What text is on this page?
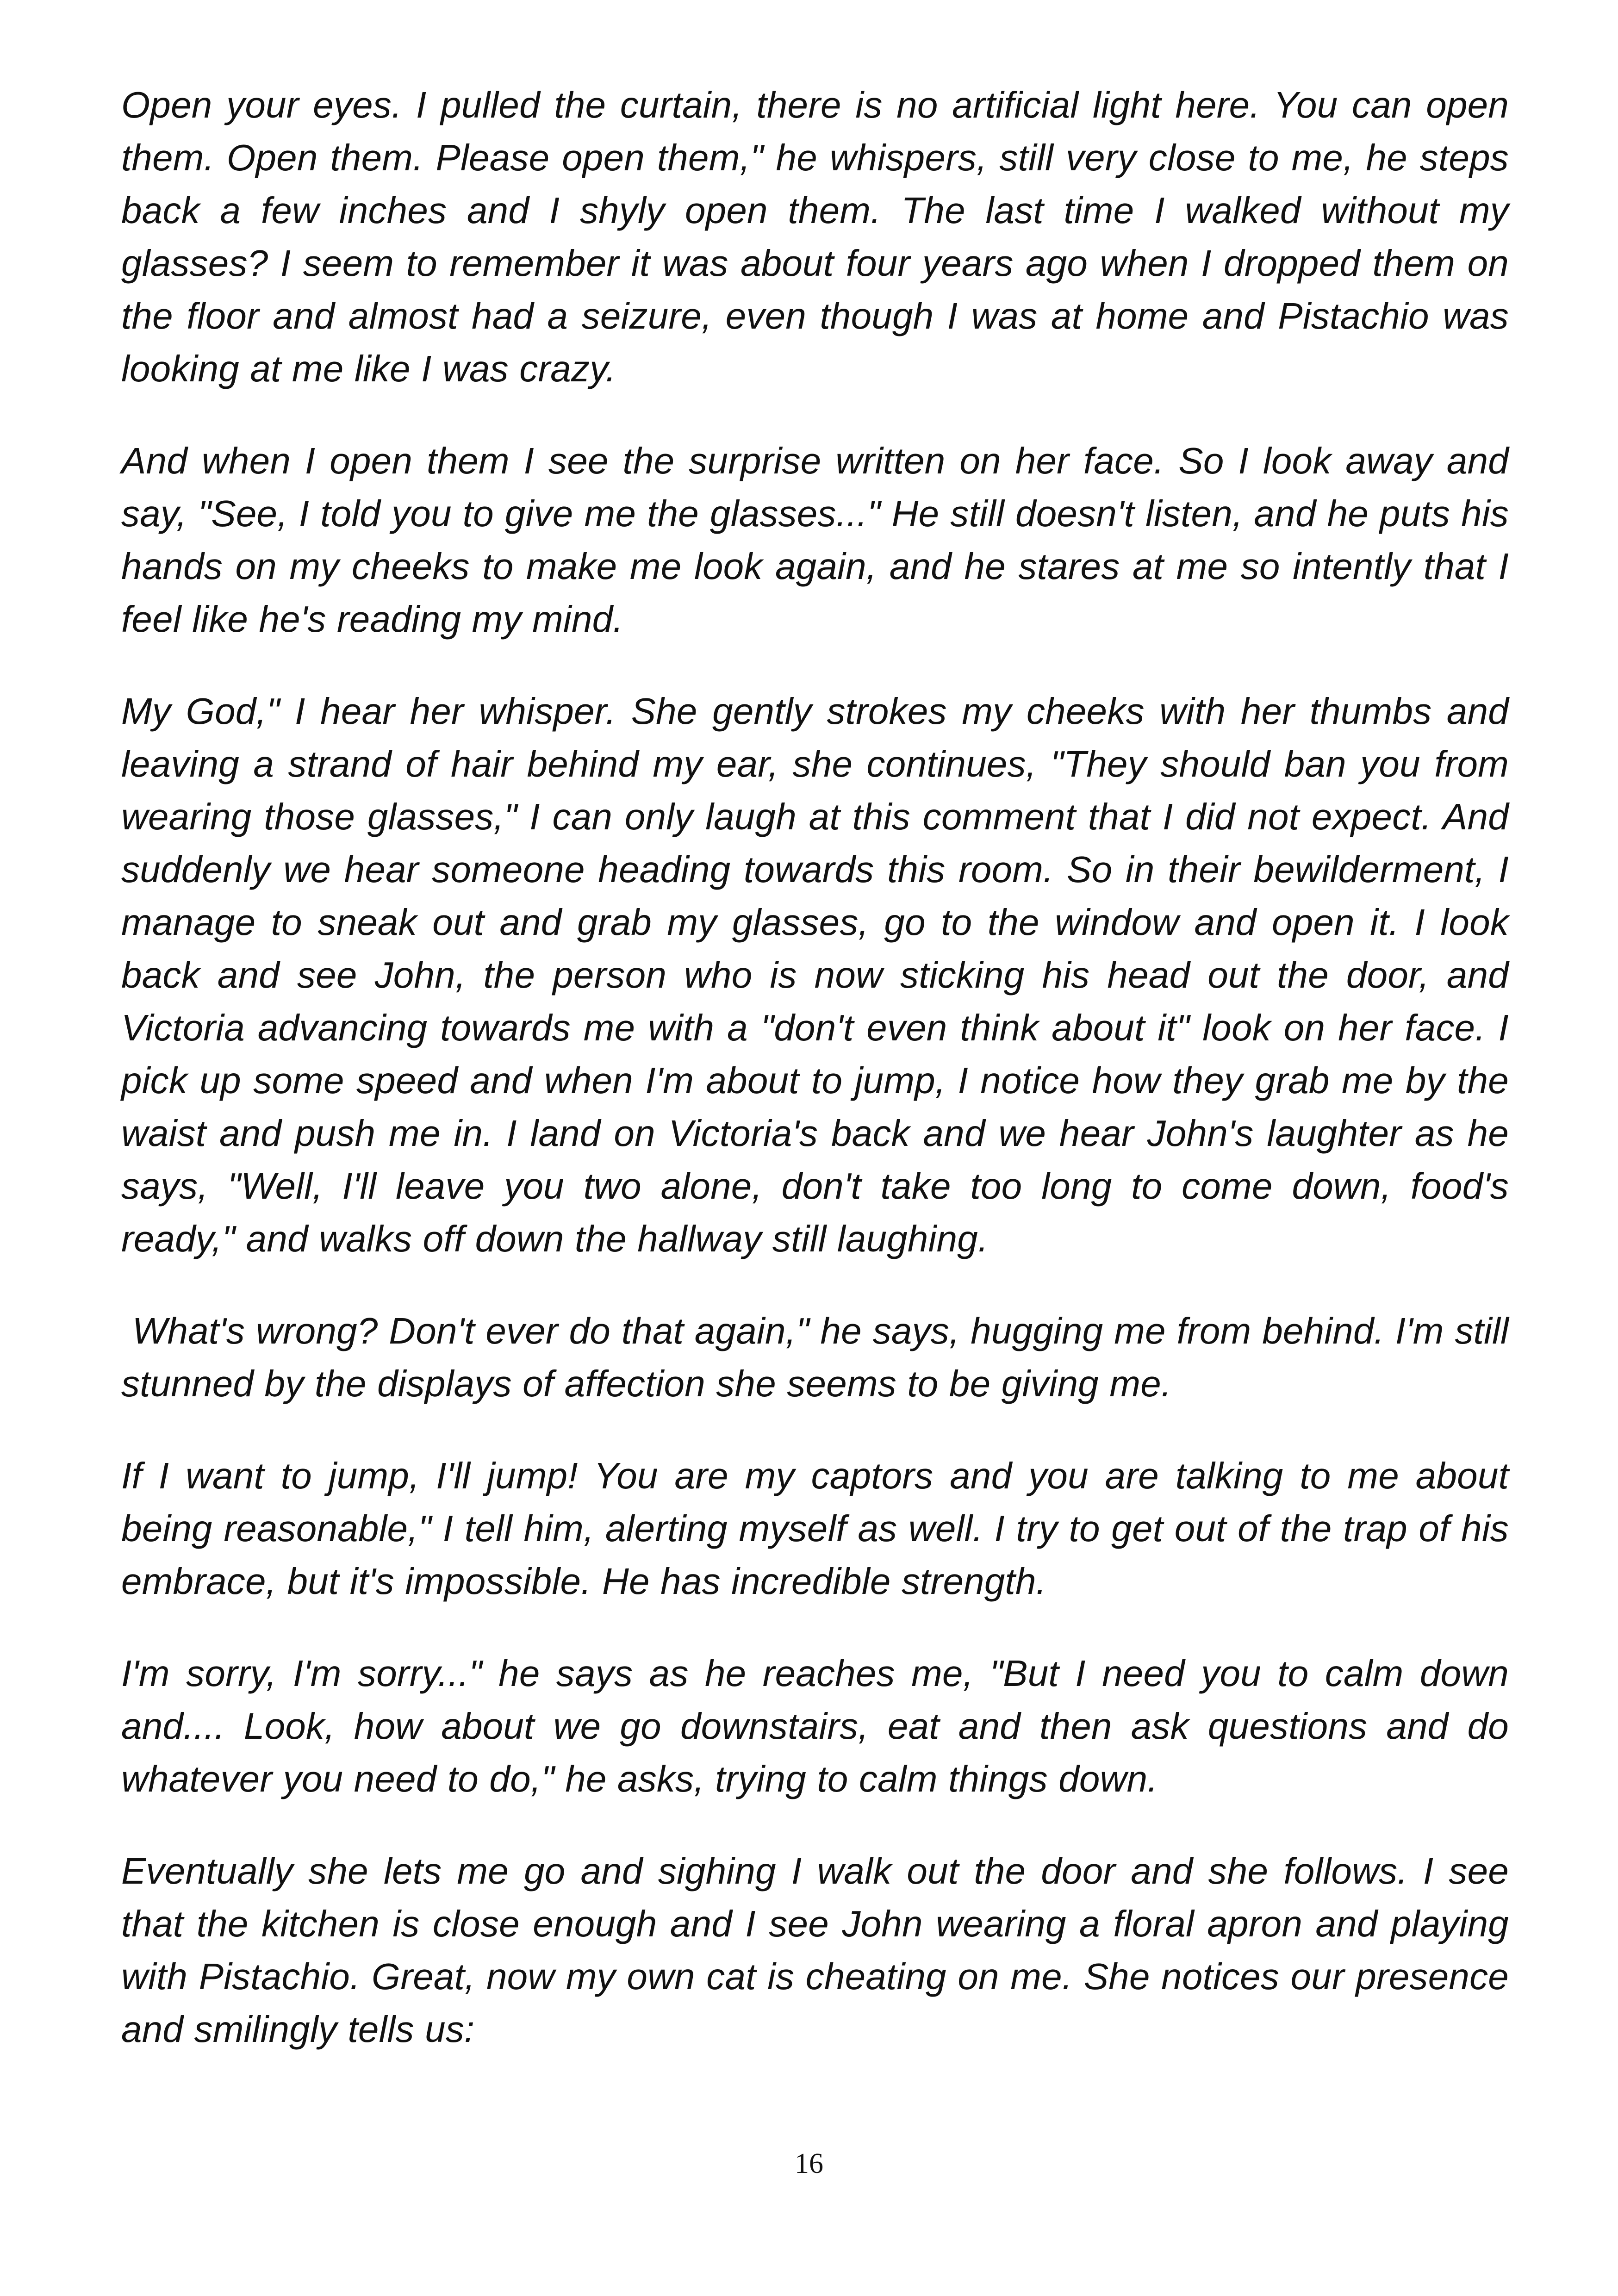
Open your eyes. I pulled the curtain, there is no artificial light here. You can open them. Open them. Please open them," he whispers, still very close to me, he steps back a few inches and I shyly open them. The last time I walked without my glasses? I seem to remember it was about four years ago when I dropped them on the floor and almost had a seizure, even though I was at home and Pistachio was looking at me like I was crazy.

And when I open them I see the surprise written on her face. So I look away and say, "See, I told you to give me the glasses..." He still doesn't listen, and he puts his hands on my cheeks to make me look again, and he stares at me so intently that I feel like he's reading my mind.

My God," I hear her whisper. She gently strokes my cheeks with her thumbs and leaving a strand of hair behind my ear, she continues, "They should ban you from wearing those glasses," I can only laugh at this comment that I did not expect. And suddenly we hear someone heading towards this room. So in their bewilderment, I manage to sneak out and grab my glasses, go to the window and open it. I look back and see John, the person who is now sticking his head out the door, and Victoria advancing towards me with a "don't even think about it" look on her face. I pick up some speed and when I'm about to jump, I notice how they grab me by the waist and push me in. I land on Victoria's back and we hear John's laughter as he says, "Well, I'll leave you two alone, don't take too long to come down, food's ready," and walks off down the hallway still laughing.

What's wrong? Don't ever do that again," he says, hugging me from behind. I'm still stunned by the displays of affection she seems to be giving me.

If I want to jump, I'll jump! You are my captors and you are talking to me about being reasonable," I tell him, alerting myself as well. I try to get out of the trap of his embrace, but it's impossible. He has incredible strength.

I'm sorry, I'm sorry..." he says as he reaches me, "But I need you to calm down and.... Look, how about we go downstairs, eat and then ask questions and do whatever you need to do," he asks, trying to calm things down.

Eventually she lets me go and sighing I walk out the door and she follows. I see that the kitchen is close enough and I see John wearing a floral apron and playing with Pistachio. Great, now my own cat is cheating on me. She notices our presence and smilingly tells us:

16
